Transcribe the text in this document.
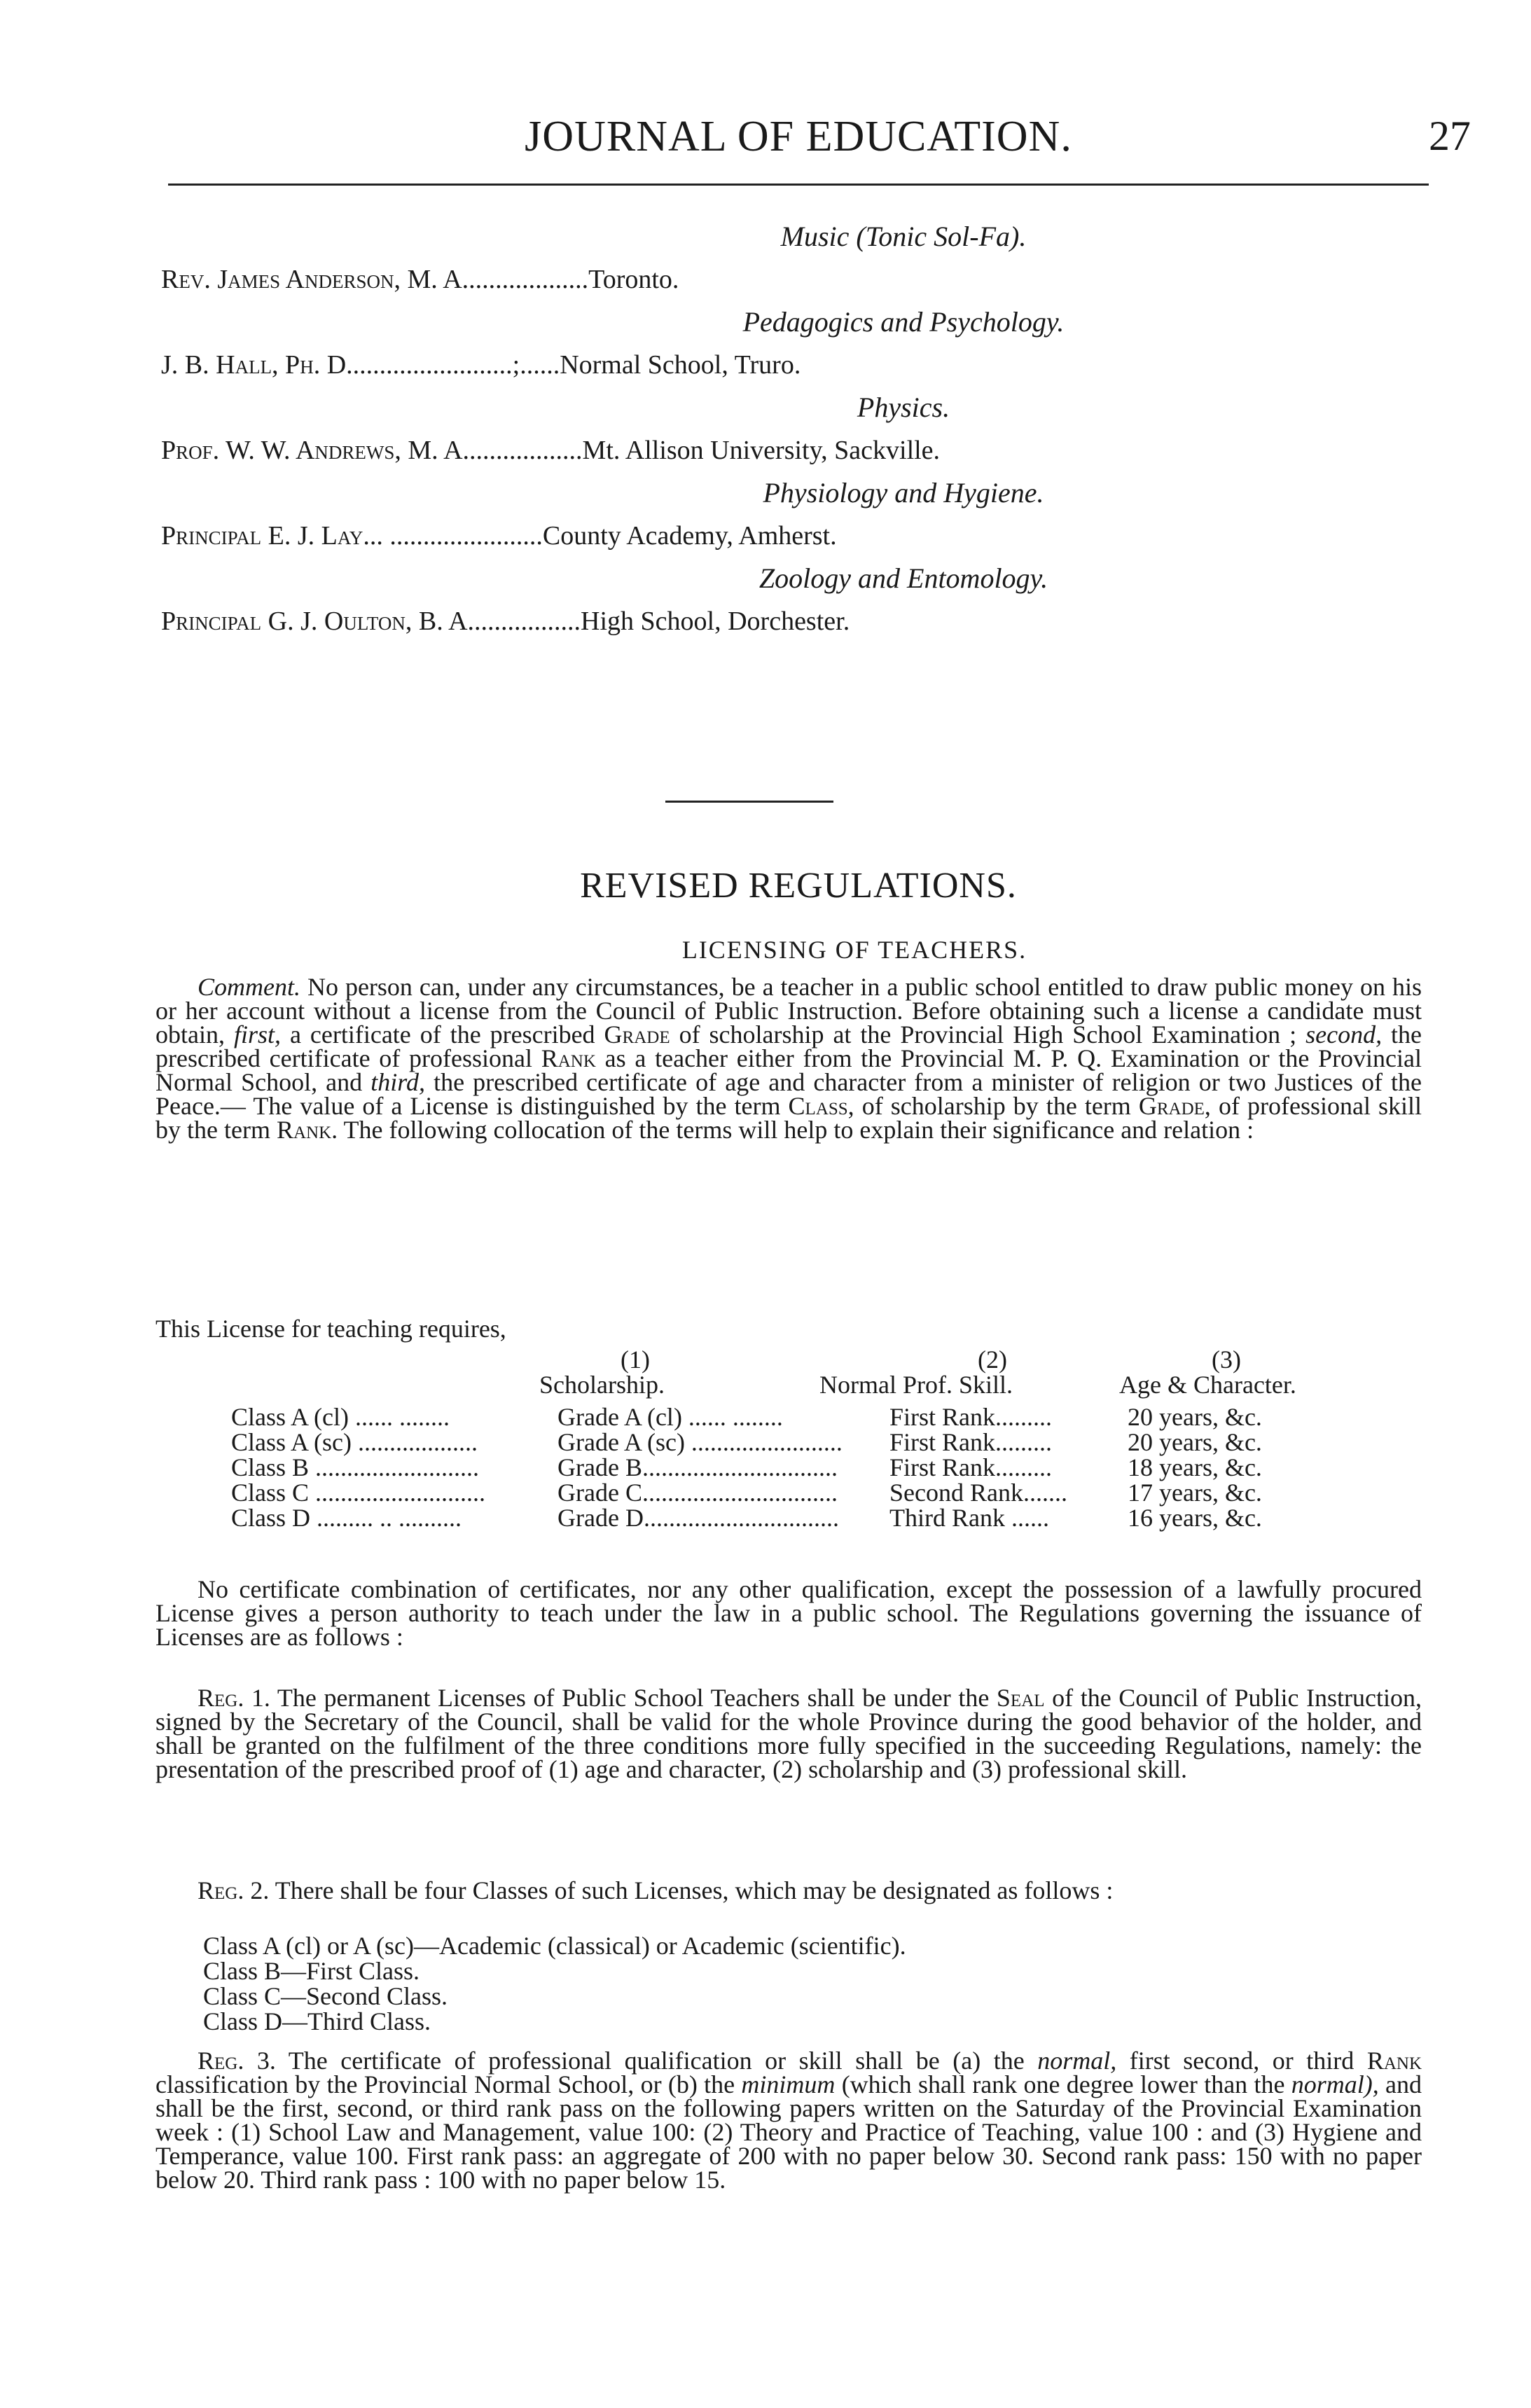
JOURNAL OF EDUCATION.	27
Music (Tonic Sol-Fa).
Rev. James Anderson, M. A...................Toronto.
Pedagogics and Psychology.
J. B. Hall, Ph. D.........................;......Normal School, Truro.
Physics.
Prof. W. W. Andrews, M. A..................Mt. Allison University, Sackville.
Physiology and Hygiene.
Principal E. J. Lay... .......................County Academy, Amherst.
Zoology and Entomology.
Principal G. J. Oulton, B. A.................High School, Dorchester.
REVISED REGULATIONS.
LICENSING OF TEACHERS.
Comment. No person can, under any circumstances, be a teacher in a public school entitled to draw public money on his or her account without a license from the Council of Public Instruction. Before obtaining such a license a candidate must obtain, first, a certificate of the prescribed Grade of scholarship at the Provincial High School Examination ; second, the prescribed certificate of professional Rank as a teacher either from the Provincial M. P. Q. Examination or the Provincial Normal School, and third, the prescribed certificate of age and character from a minister of religion or two Justices of the Peace.— The value of a License is distinguished by the term Class, of scholarship by the term Grade, of professional skill by the term Rank. The following collocation of the terms will help to explain their significance and relation :
This License for teaching requires,
(1)	(2)	(3)
Scholarship.	Normal Prof. Skill.	Age & Character.
Class A (cl) ...... ........	Grade A (cl) ...... ........	First Rank.........	20 years, &c.
Class A (sc) ...................	Grade A (sc) ........................ First Rank.........	20 years, &c.
Class B ..........................	Grade B............................... First Rank.........	18 years, &c.
Class C ...........................	Grade C............................... Second Rank....... 17 years, &c.
Class D ......... .. ..........	Grade D............................... Third Rank ......	16 years, &c.
No certificate combination of certificates, nor any other qualification, except the possession of a lawfully procured License gives a person authority to teach under the law in a public school. The Regulations governing the issuance of Licenses are as follows :
Reg. 1. The permanent Licenses of Public School Teachers shall be under the Seal of the Council of Public Instruction, signed by the Secretary of the Council, shall be valid for the whole Province during the good behavior of the holder, and shall be granted on the fulfilment of the three conditions more fully specified in the succeeding Regulations, namely: the presentation of the prescribed proof of (1) age and character, (2) scholarship and (3) professional skill.
Reg. 2. There shall be four Classes of such Licenses, which may be designated as follows :
Class A (cl) or A (sc)—Academic (classical) or Academic (scientific).
Class B—First Class.
Class C—Second Class.
Class D—Third Class.
Reg. 3. The certificate of professional qualification or skill shall be (a) the normal, first second, or third Rank classification by the Provincial Normal School, or (b) the minimum (which shall rank one degree lower than the normal), and shall be the first, second, or third rank pass on the following papers written on the Saturday of the Provincial Examination week : (1) School Law and Management, value 100: (2) Theory and Practice of Teaching, value 100 : and (3) Hygiene and Temperance, value 100. First rank pass: an aggregate of 200 with no paper below 30. Second rank pass: 150 with no paper below 20. Third rank pass : 100 with no paper below 15.
